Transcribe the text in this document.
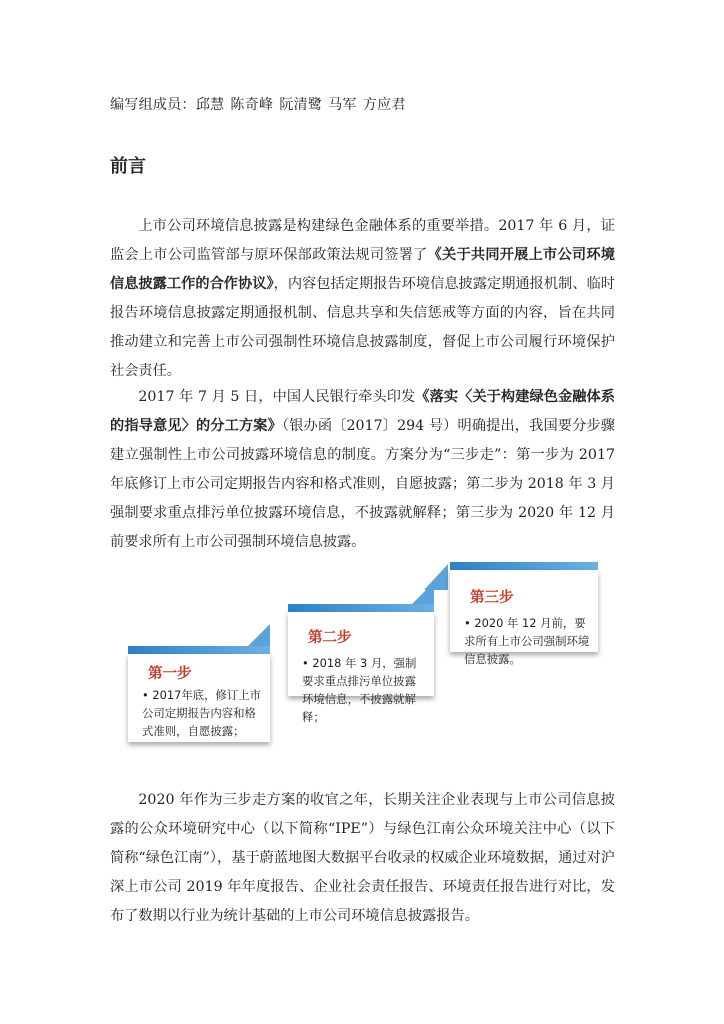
编写组成员：邱慧 陈奇峰 阮清鹭 马军 方应君
前言

上市公司环境信息披露是构建绿色金融体系的重要举措。2017 年 6 月，证监会上市公司监管部与原环保部政策法规司签署了《关于共同开展上市公司环境信息披露工作的合作协议》，内容包括定期报告环境信息披露定期通报机制、临时报告环境信息披露定期通报机制、信息共享和失信惩戒等方面的内容，旨在共同推动建立和完善上市公司强制性环境信息披露制度，督促上市公司履行环境保护社会责任。

2017 年 7 月 5 日，中国人民银行牵头印发《落实〈关于构建绿色金融体系的指导意见〉的分工方案》（银办函〔2017〕294 号）明确提出，我国要分步骤建立强制性上市公司披露环境信息的制度。方案分为“三步走”：第一步为 2017 年底修订上市公司定期报告内容和格式准则，自愿披露；第二步为 2018 年 3 月强制要求重点排污单位披露环境信息，不披露就解释；第三步为 2020 年 12 月前要求所有上市公司强制环境信息披露。

第一步
• 2017年底，修订上市公司定期报告内容和格式准则，自愿披露；
第二步
• 2018 年 3 月，强制要求重点排污单位披露环境信息，不披露就解释；
第三步
• 2020 年 12 月前，要求所有上市公司强制环境信息披露。

2020 年作为三步走方案的收官之年，长期关注企业表现与上市公司信息披露的公众环境研究中心（以下简称“IPE”）与绿色江南公众环境关注中心（以下简称“绿色江南”），基于蔚蓝地图大数据平台收录的权威企业环境数据，通过对沪深上市公司 2019 年年度报告、企业社会责任报告、环境责任报告进行对比，发布了数期以行业为统计基础的上市公司环境信息披露报告。
